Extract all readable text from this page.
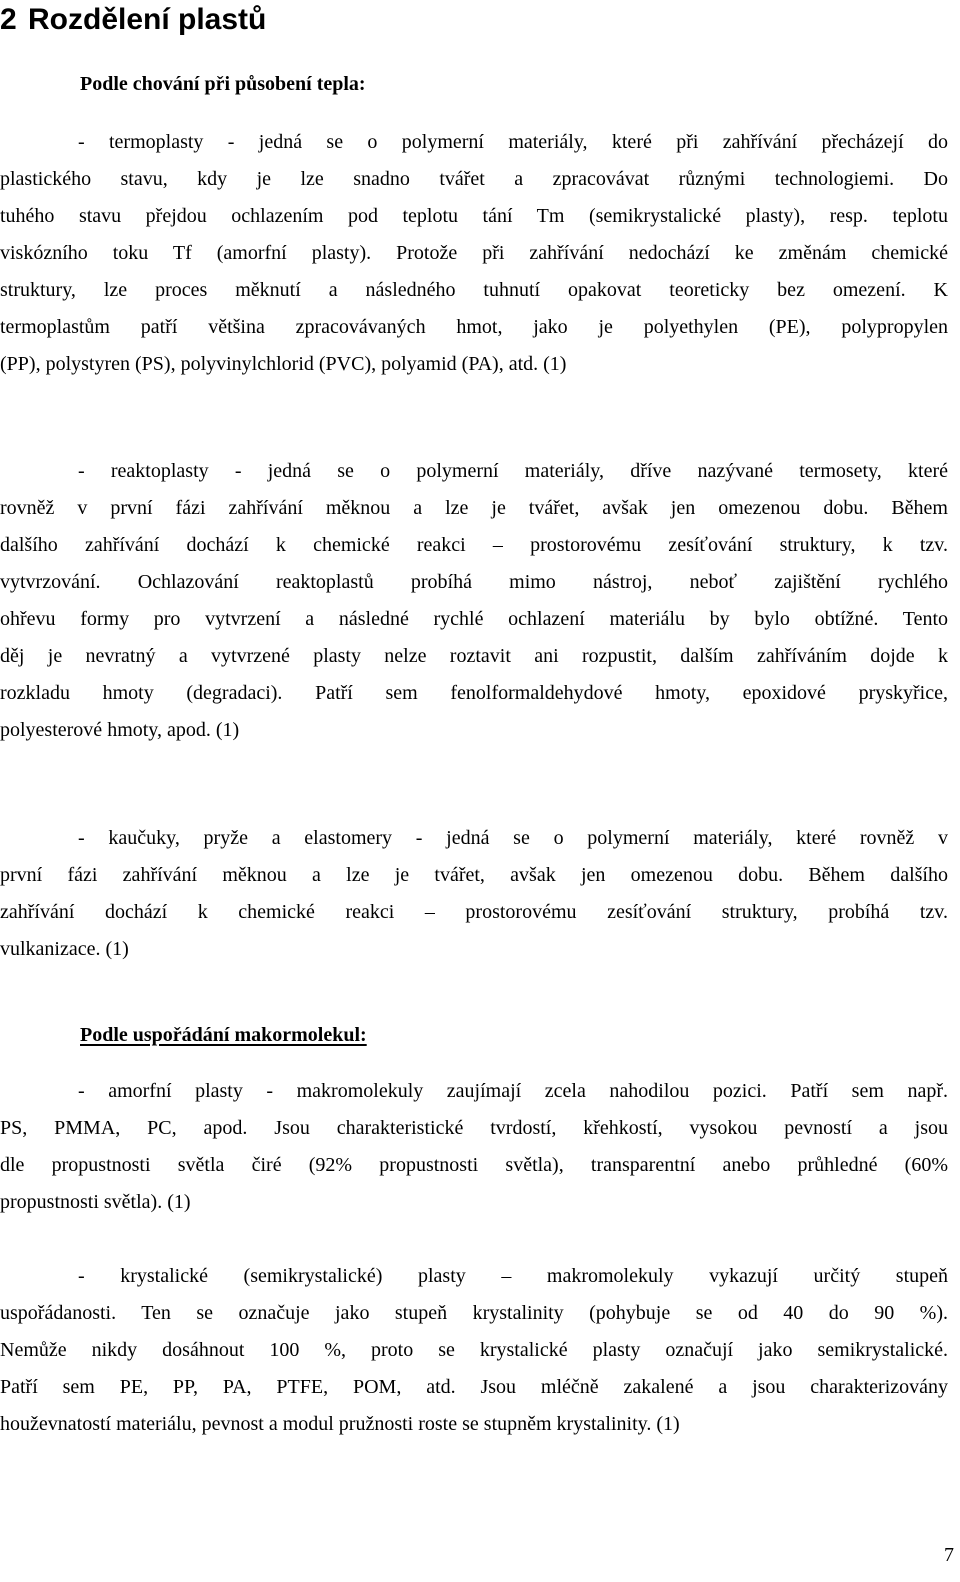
2 Rozdělení plastů
Podle chování při působení tepla:
- termoplasty - jedná se o polymerní materiály, které při zahřívání přecházejí do
plastického stavu, kdy je lze snadno tvářet a zpracovávat různými technologiemi. Do
tuhého stavu přejdou ochlazením pod teplotu tání Tm (semikrystalické plasty), resp. teplotu
viskózního toku Tf (amorfní plasty). Protože při zahřívání nedochází ke změnám chemické
struktury, lze proces měknutí a následného tuhnutí opakovat teoreticky bez omezení. K
termoplastům patří většina zpracovávaných hmot, jako je polyethylen (PE), polypropylen
(PP), polystyren (PS), polyvinylchlorid (PVC), polyamid (PA), atd. (1)
- reaktoplasty - jedná se o polymerní materiály, dříve nazývané termosety, které
rovněž v první fázi zahřívání měknou a lze je tvářet, avšak jen omezenou dobu. Během
dalšího zahřívání dochází k chemické reakci – prostorovému zesíťování struktury, k tzv.
vytvrzování. Ochlazování reaktoplastů probíhá mimo nástroj, neboť zajištění rychlého
ohřevu formy pro vytvrzení a následné rychlé ochlazení materiálu by bylo obtížné. Tento
děj je nevratný a vytvrzené plasty nelze roztavit ani rozpustit, dalším zahříváním dojde k
rozkladu hmoty (degradaci). Patří sem fenolformaldehydové hmoty, epoxidové pryskyřice,
polyesterové hmoty, apod. (1)
- kaučuky, pryže a elastomery - jedná se o polymerní materiály, které rovněž v
první fázi zahřívání měknou a lze je tvářet, avšak jen omezenou dobu. Během dalšího
zahřívání dochází k chemické reakci – prostorovému zesíťování struktury, probíhá tzv.
vulkanizace. (1)
Podle uspořádání makormolekul:
- amorfní plasty - makromolekuly zaujímají zcela nahodilou pozici. Patří sem např.
PS, PMMA, PC, apod. Jsou charakteristické tvrdostí, křehkostí, vysokou pevností a jsou
dle propustnosti světla čiré (92% propustnosti světla), transparentní anebo průhledné (60%
propustnosti světla). (1)
- krystalické (semikrystalické) plasty – makromolekuly vykazují určitý stupeň
uspořádanosti. Ten se označuje jako stupeň krystalinity (pohybuje se od 40 do 90 %).
Nemůže nikdy dosáhnout 100 %, proto se krystalické plasty označují jako semikrystalické.
Patří sem PE, PP, PA, PTFE, POM, atd. Jsou mléčně zakalené a jsou charakterizovány
houževnatostí materiálu, pevnost a modul pružnosti roste se stupněm krystalinity. (1)

7
